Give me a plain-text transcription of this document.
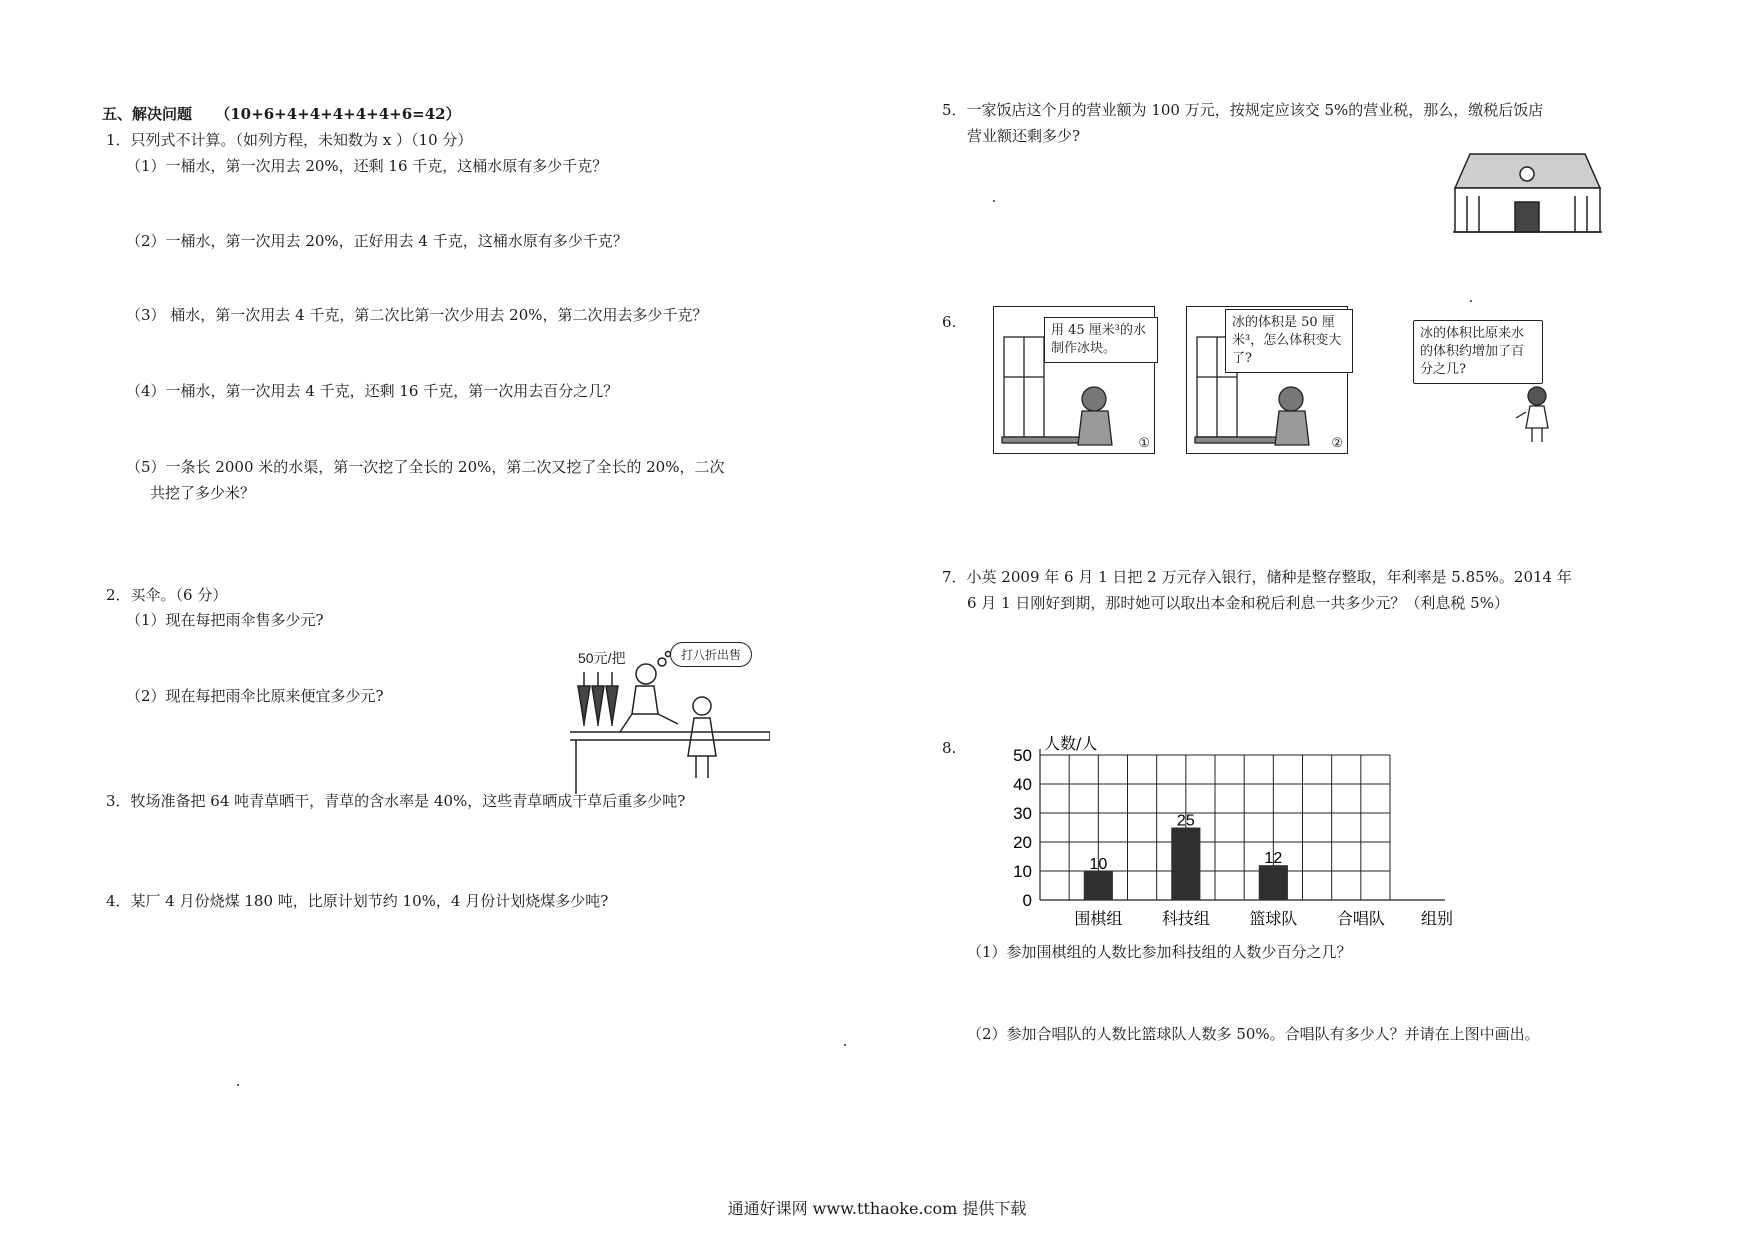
五、解决问题 （10+6+4+4+4+4+4+6=42）
1．只列式不计算。（如列方程，未知数为 x ）（10 分）
（1）一桶水，第一次用去 20%，还剩 16 千克，这桶水原有多少千克？
（2）一桶水，第一次用去 20%，正好用去 4 千克，这桶水原有多少千克？
（3） 桶水，第一次用去 4 千克，第二次比第一次少用去 20%，第二次用去多少千克？
（4）一桶水，第一次用去 4 千克，还剩 16 千克，第一次用去百分之几？
（5）一条长 2000 米的水渠，第一次挖了全长的 20%，第二次又挖了全长的 20%，二次
共挖了多少米？
2．买伞。（6 分）
（1）现在每把雨伞售多少元?
（2）现在每把雨伞比原来便宜多少元?
50元/把	打八折出售
3．牧场准备把 64 吨青草晒干，青草的含水率是 40%，这些青草晒成干草后重多少吨?
4．某厂 4 月份烧煤 180 吨，比原计划节约 10%，4 月份计划烧煤多少吨?
5．一家饭店这个月的营业额为 100 万元，按规定应该交 5%的营业税，那么，缴税后饭店
营业额还剩多少?
6.	用 45 厘米³的水制作冰块。
①
冰的体积是 50 厘米³，怎么体积变大了?
②
冰的体积比原来水的体积约增加了百分之几?
7．小英 2009 年 6 月 1 日把 2 万元存入银行，储种是整存整取，年利率是 5.85%。2014 年
6 月 1 日刚好到期，那时她可以取出本金和税后利息一共多少元？（利息税 5%）
8.
0
10
20
30
40
50
人数/人
围棋组
10
科技组
25
篮球队
12
合唱队 组别
（1）参加围棋组的人数比参加科技组的人数少百分之几？
（2）参加合唱队的人数比篮球队人数多 50%。合唱队有多少人？并请在上图中画出。
通通好课网 www.tthaoke.com 提供下载
